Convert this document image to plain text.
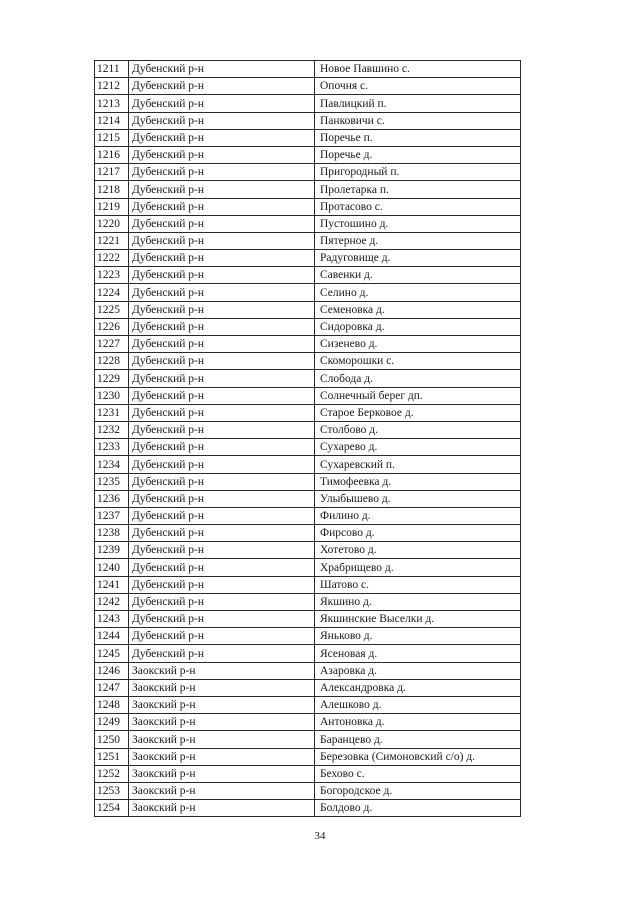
1211	Дубенский р-н	Новое Павшино с.
1212	Дубенский р-н	Опочня с.
1213	Дубенский р-н	Павлицкий п.
1214	Дубенский р-н	Панковичи с.
1215	Дубенский р-н	Поречье п.
1216	Дубенский р-н	Поречье д.
1217	Дубенский р-н	Пригородный п.
1218	Дубенский р-н	Пролетарка п.
1219	Дубенский р-н	Протасово с.
1220	Дубенский р-н	Пустошино д.
1221	Дубенский р-н	Пятерное д.
1222	Дубенский р-н	Радуговище д.
1223	Дубенский р-н	Савенки д.
1224	Дубенский р-н	Селино д.
1225	Дубенский р-н	Семеновка д.
1226	Дубенский р-н	Сидоровка д.
1227	Дубенский р-н	Сизенево д.
1228	Дубенский р-н	Скоморошки с.
1229	Дубенский р-н	Слобода д.
1230	Дубенский р-н	Солнечный берег дп.
1231	Дубенский р-н	Старое Берковое д.
1232	Дубенский р-н	Столбово д.
1233	Дубенский р-н	Сухарево д.
1234	Дубенский р-н	Сухаревский п.
1235	Дубенский р-н	Тимофеевка д.
1236	Дубенский р-н	Улыбышево д.
1237	Дубенский р-н	Филино д.
1238	Дубенский р-н	Фирсово д.
1239	Дубенский р-н	Хотетово д.
1240	Дубенский р-н	Храбрищево д.
1241	Дубенский р-н	Шатово с.
1242	Дубенский р-н	Якшино д.
1243	Дубенский р-н	Якшинские Выселки д.
1244	Дубенский р-н	Яньково д.
1245	Дубенский р-н	Ясеновая д.
1246	Заокский р-н	Азаровка д.
1247	Заокский р-н	Александровка д.
1248	Заокский р-н	Алешково д.
1249	Заокский р-н	Антоновка д.
1250	Заокский р-н	Баранцево д.
1251	Заокский р-н	Березовка (Симоновский с/о) д.
1252	Заокский р-н	Бехово с.
1253	Заокский р-н	Богородское д.
1254	Заокский р-н	Болдово д.
34
